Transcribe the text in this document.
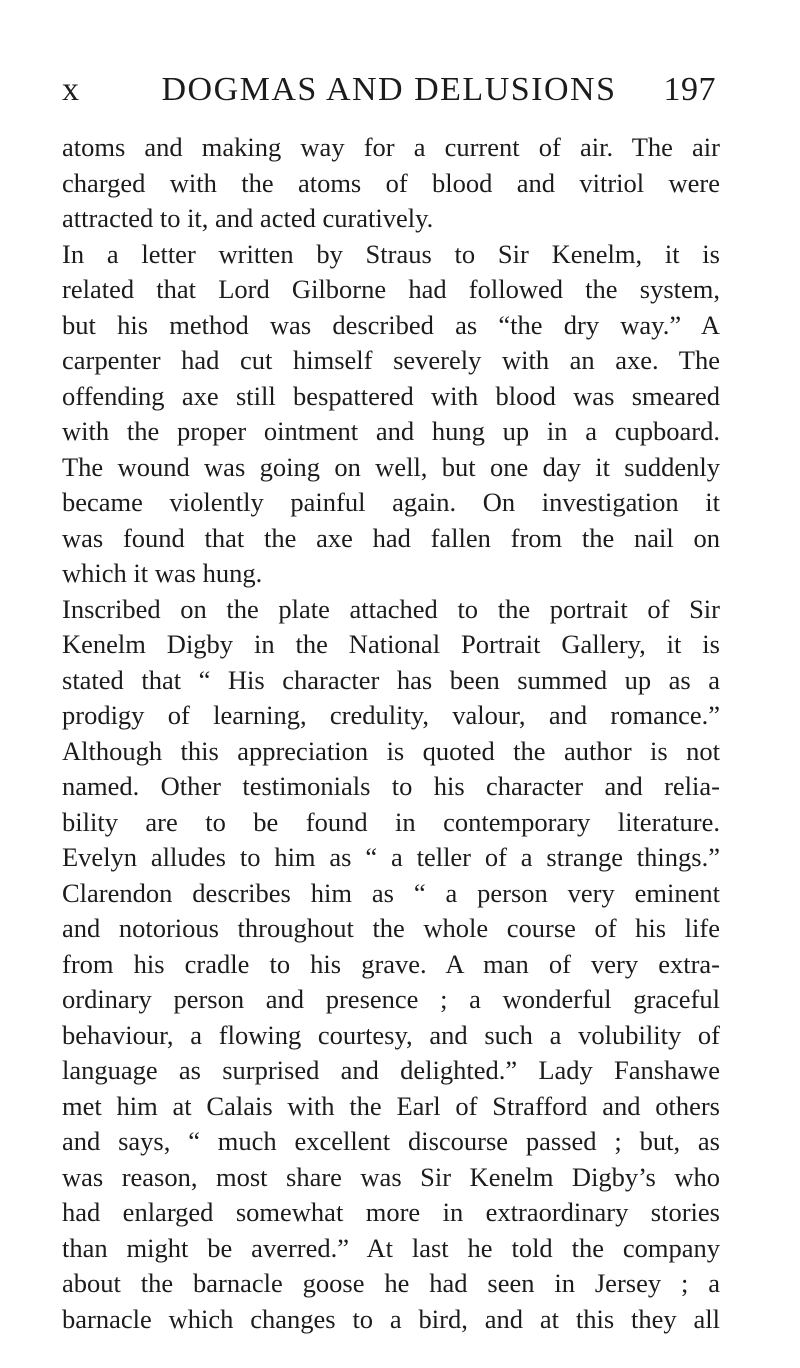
x	DOGMAS AND DELUSIONS	197
atoms and making way for a current of air. The air
charged with the atoms of blood and vitriol were
attracted to it, and acted curatively.
In a letter written by Straus to Sir Kenelm, it is
related that Lord Gilborne had followed the system,
but his method was described as “the dry way.” A
carpenter had cut himself severely with an axe. The
offending axe still bespattered with blood was smeared
with the proper ointment and hung up in a cupboard.
The wound was going on well, but one day it suddenly
became violently painful again. On investigation it
was found that the axe had fallen from the nail on
which it was hung.
Inscribed on the plate attached to the portrait of Sir
Kenelm Digby in the National Portrait Gallery, it is
stated that “ His character has been summed up as a
prodigy of learning, credulity, valour, and romance.”
Although this appreciation is quoted the author is not
named. Other testimonials to his character and relia-
bility are to be found in contemporary literature.
Evelyn alludes to him as “ a teller of a strange things.”
Clarendon describes him as “ a person very eminent
and notorious throughout the whole course of his life
from his cradle to his grave. A man of very extra-
ordinary person and presence ; a wonderful graceful
behaviour, a flowing courtesy, and such a volubility of
language as surprised and delighted.” Lady Fanshawe
met him at Calais with the Earl of Strafford and others
and says, “ much excellent discourse passed ; but, as
was reason, most share was Sir Kenelm Digby’s who
had enlarged somewhat more in extraordinary stories
than might be averred.” At last he told the company
about the barnacle goose he had seen in Jersey ; a
barnacle which changes to a bird, and at this they all
